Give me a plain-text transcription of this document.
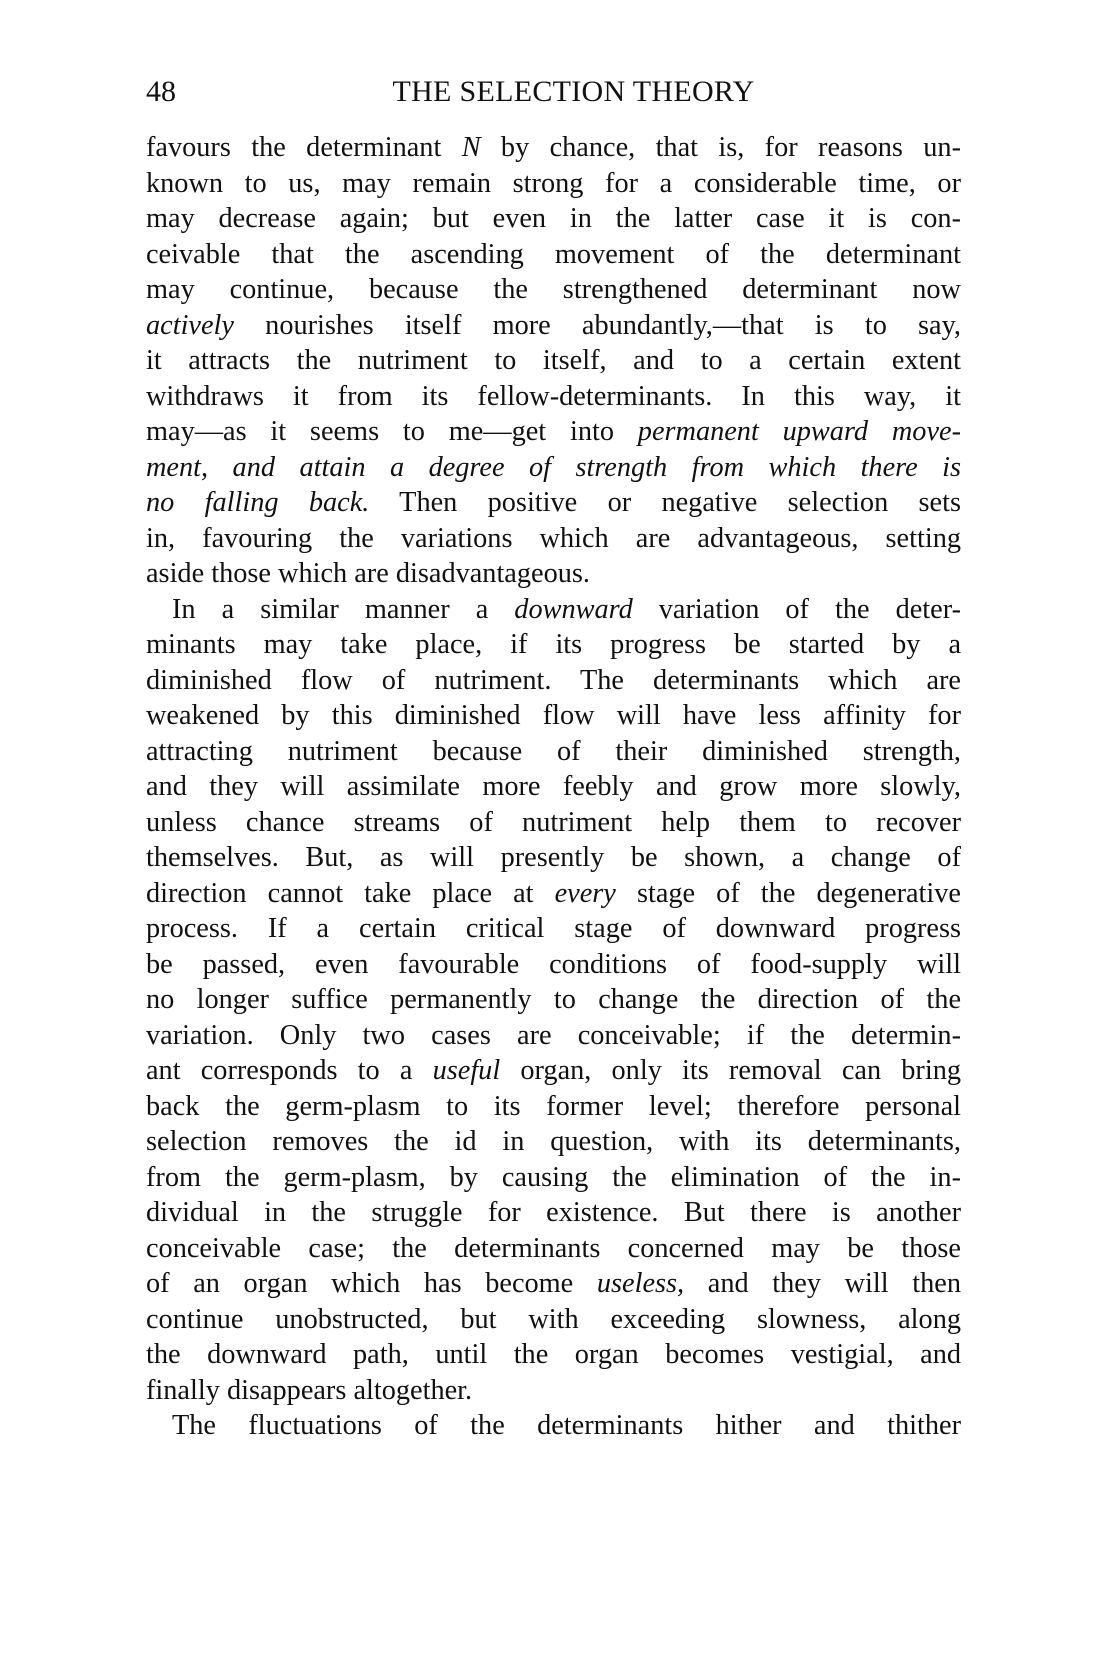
48	THE SELECTION THEORY
favours the determinant N by chance, that is, for reasons un-
known to us, may remain strong for a considerable time, or
may decrease again; but even in the latter case it is con-
ceivable that the ascending movement of the determinant
may continue, because the strengthened determinant now
actively nourishes itself more abundantly,—that is to say,
it attracts the nutriment to itself, and to a certain extent
withdraws it from its fellow-determinants. In this way, it
may—as it seems to me—get into permanent upward move-
ment, and attain a degree of strength from which there is
no falling back. Then positive or negative selection sets
in, favouring the variations which are advantageous, setting
aside those which are disadvantageous.
In a similar manner a downward variation of the deter-
minants may take place, if its progress be started by a
diminished flow of nutriment. The determinants which are
weakened by this diminished flow will have less affinity for
attracting nutriment because of their diminished strength,
and they will assimilate more feebly and grow more slowly,
unless chance streams of nutriment help them to recover
themselves. But, as will presently be shown, a change of
direction cannot take place at every stage of the degenerative
process. If a certain critical stage of downward progress
be passed, even favourable conditions of food-supply will
no longer suffice permanently to change the direction of the
variation. Only two cases are conceivable; if the determin-
ant corresponds to a useful organ, only its removal can bring
back the germ-plasm to its former level; therefore personal
selection removes the id in question, with its determinants,
from the germ-plasm, by causing the elimination of the in-
dividual in the struggle for existence. But there is another
conceivable case; the determinants concerned may be those
of an organ which has become useless, and they will then
continue unobstructed, but with exceeding slowness, along
the downward path, until the organ becomes vestigial, and
finally disappears altogether.
The fluctuations of the determinants hither and thither
